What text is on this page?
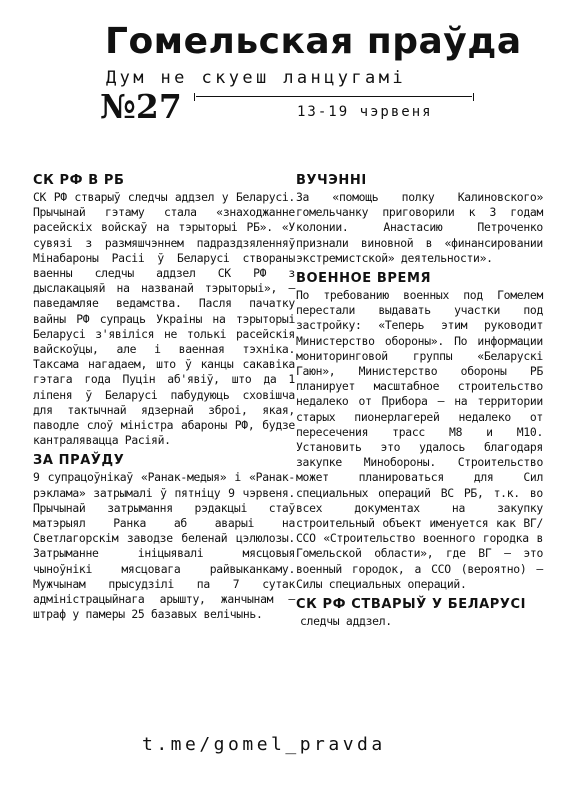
Гомельская праўда
Дум не скуеш ланцугамі
№27	13-19 чэрвеня
СК РФ В РБ

СК РФ стварыў следчы аддзел у Беларусі. Прычынай гэтаму стала «знаходжанне расейскіх войскаў на тэрыторыі РБ». «У сувязі з размяшчэннем падраздзяленняў Мінабароны Расіі ў Беларусі створаны ваенны следчы аддзел СК РФ з дыслакацыяй на названай тэрыторыі», — паведамляе ведамства. Пасля пачатку вайны РФ супраць Украіны на тэрыторыі Беларусі з'явіліся не толькі расейскія вайскоўцы, але і ваенная тэхніка. Таксама нагадаем, што ў канцы сакавіка гэтага года Пуцін аб'явіў, што да 1 ліпеня ў Беларусі пабудуюць сховішча для тактычнай ядзернай зброі, якая, паводле слоў міністра абароны РФ, будзе кантралявацца Расіяй.

ЗА ПРАЎДУ

9 супрацоўнікаў «Ранак-медыя» і «Ранак-рэклама» затрымалі ў пятніцу 9 чэрвеня. Прычынай затрымання рэдакцыі стаў матэрыял Ранка аб аварыі на Светлагорскім заводзе беленай цэлюлозы. Затрыманне ініцыявалі мясцовыя чыноўнікі мясцовага райвыканкаму. Мужчынам прысудзілі па 7 сутак адміністрацыйнага арышту, жанчынам — штраф у памеры 25 базавых велічынь.

ВУЧЭННІ

За «помощь полку Калиновского» гомельчанку приговорили к 3 годам колонии. Анастасию Петроченко признали виновной в «финансировании экстремистской» деятельности».

ВОЕННОЕ ВРЕМЯ

По требованию военных под Гомелем перестали выдавать участки под застройку: «Теперь этим руководит Министерство обороны». По информации мониторинговой группы «Беларускі Гаюн», Министерство обороны РБ планирует масштабное строительство недалеко от Прибора — на территории старых пионерлагерей недалеко от пересечения трасс М8 и М10. Установить это удалось благодаря закупке Минобороны. Строительство может планироваться для Сил специальных операций ВС РБ, т.к. во всех документах на закупку строительный объект именуется как ВГ/ССО «Строительство военного городка в Гомельской области», где ВГ — это военный городок, а ССО (вероятно) — Силы специальных операций.

СК РФ СТВАРЫЎ У БЕЛАРУСІ

следчы аддзел.

t.me/gomel_pravda
